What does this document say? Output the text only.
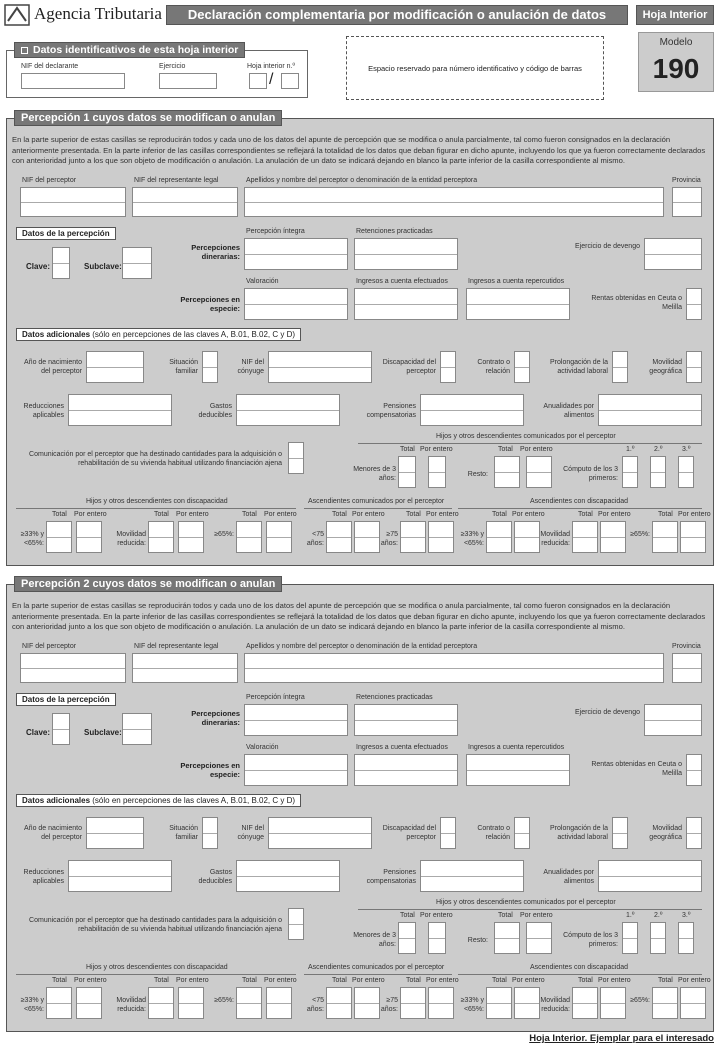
Agencia Tributaria	Declaración complementaria por modificación o anulación de datos	Hoja Interior
Modelo
190
NIF del declarante	Ejercicio	Hoja interior n.º
/
Datos identificativos de esta hoja interior
Espacio reservado para número identificativo y código de barras
Hoja Interior. Ejemplar para el interesado
Percepción 1 cuyos datos se modifican o anulan
En la parte superior de estas casillas se reproducirán todos y cada uno de los datos del apunte de percepción que se modifica o anula parcialmente, tal como fueron consignados en la declaración anteriormente presentada. En la parte inferior de las casillas correspondientes se reflejará la totalidad de los datos que deban figurar en dicho apunte, incluyendo los que ya fueron correctamente declarados con anterioridad junto a los que son objeto de modificación o anulación. La anulación de un dato se indicará dejando en blanco la parte inferior de la casilla correspondiente al mismo.
NIF del perceptor	NIF del representante legal	Apellidos y nombre del perceptor o denominación de la entidad perceptora	Provincia
Datos de la percepción
Clave:	Subclave:
Percepciones dinerarias:
Percepción íntegra	Retenciones practicadas
Ejercicio de devengo
Percepciones en especie:
Valoración	Ingresos a cuenta efectuados	Ingresos a cuenta repercutidos
Rentas obtenidas en Ceuta o Melilla
Datos adicionales (sólo en percepciones de las claves A, B.01, B.02, C y D)
Año de nacimiento del perceptor
Situación familiar
NIF del cónyuge
Discapacidad del perceptor
Contrato o relación
Prolongación de la actividad laboral
Movilidad geográfica
Reducciones aplicables
Gastos deducibles
Pensiones compensatorias
Anualidades por alimentos
Comunicación por el perceptor que ha destinado cantidades para la adquisición o rehabilitación de su vivienda habitual utilizando financiación ajena
Hijos y otros descendientes comunicados por el perceptor
Total Por entero
Menores de 3 años:
Resto:
Total Por entero
Cómputo de los 3 primeros:
1.º	2.º	3.º
Hijos y otros descendientes con discapacidad	Ascendientes comunicados por el perceptor	Ascendientes con discapacidad
≥33% y <65%:
Total Por entero
Movilidad reducida:
Total Por entero
≥65%:
Total Por entero
<75 años:
Total Por entero
≥75 años:
Total Por entero
≥33% y <65%:
Total Por entero
Movilidad reducida:
Total Por entero
≥65%:
Total Por entero
Percepción 2 cuyos datos se modifican o anulan
En la parte superior de estas casillas se reproducirán todos y cada uno de los datos del apunte de percepción que se modifica o anula parcialmente, tal como fueron consignados en la declaración anteriormente presentada. En la parte inferior de las casillas correspondientes se reflejará la totalidad de los datos que deban figurar en dicho apunte, incluyendo los que ya fueron correctamente declarados con anterioridad junto a los que son objeto de modificación o anulación. La anulación de un dato se indicará dejando en blanco la parte inferior de la casilla correspondiente al mismo.
NIF del perceptor	NIF del representante legal	Apellidos y nombre del perceptor o denominación de la entidad perceptora	Provincia
Datos de la percepción
Clave:	Subclave:
Percepciones dinerarias:
Percepción íntegra	Retenciones practicadas
Ejercicio de devengo
Percepciones en especie:
Valoración	Ingresos a cuenta efectuados	Ingresos a cuenta repercutidos
Rentas obtenidas en Ceuta o Melilla
Datos adicionales (sólo en percepciones de las claves A, B.01, B.02, C y D)
Año de nacimiento del perceptor
Situación familiar
NIF del cónyuge
Discapacidad del perceptor
Contrato o relación
Prolongación de la actividad laboral
Movilidad geográfica
Reducciones aplicables
Gastos deducibles
Pensiones compensatorias
Anualidades por alimentos
Comunicación por el perceptor que ha destinado cantidades para la adquisición o rehabilitación de su vivienda habitual utilizando financiación ajena
Hijos y otros descendientes comunicados por el perceptor
Total Por entero
Menores de 3 años:
Resto:
Total Por entero
Cómputo de los 3 primeros:
1.º	2.º	3.º
Hijos y otros descendientes con discapacidad	Ascendientes comunicados por el perceptor	Ascendientes con discapacidad
≥33% y <65%:
Total Por entero
Movilidad reducida:
Total Por entero
≥65%:
Total Por entero
<75 años:
Total Por entero
≥75 años:
Total Por entero
≥33% y <65%:
Total Por entero
Movilidad reducida:
Total Por entero
≥65%:
Total Por entero
